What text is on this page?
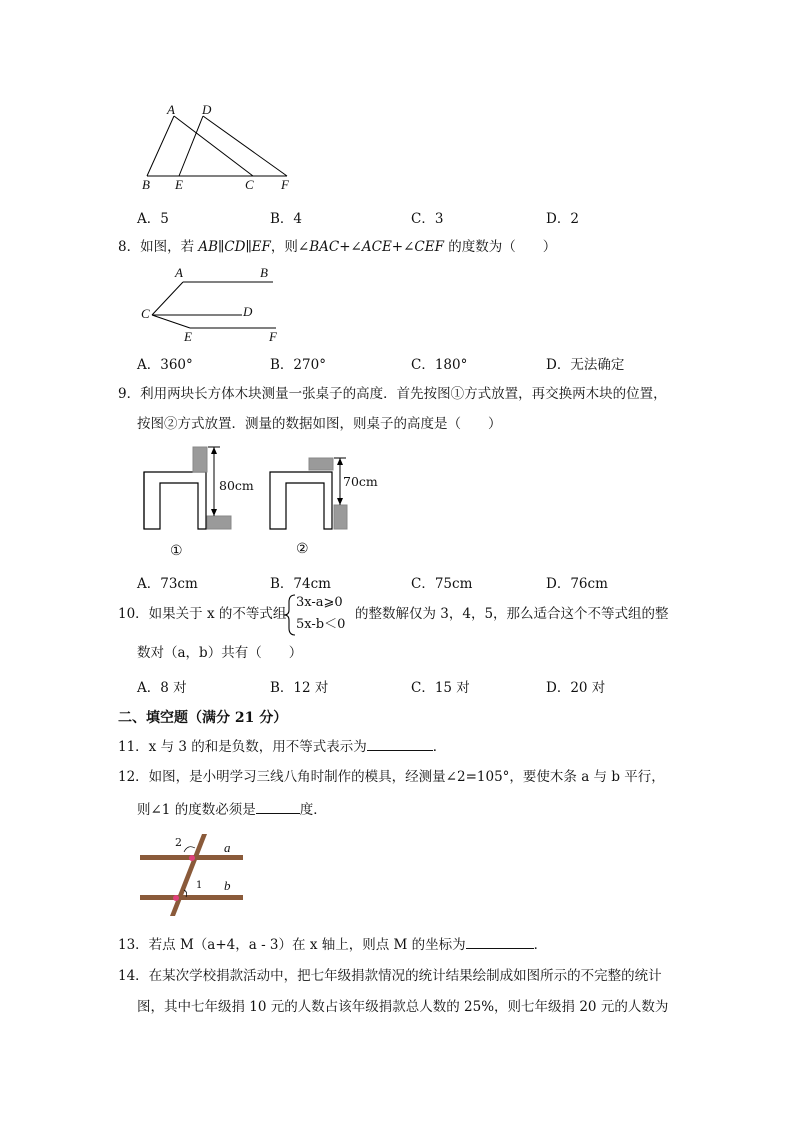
A D
B E	C F
A．5	B．4	C．3	D．2
8．如图，若 AB∥CD∥EF，则∠BAC+∠ACE+∠CEF 的度数为（　　）
A	B
C	D
E	F
A．360°	B．270°	C．180°	D．无法确定
9．利用两块长方体木块测量一张桌子的高度．首先按图①方式放置，再交换两木块的位置，
按图②方式放置．测量的数据如图，则桌子的高度是（　　）
80cm
①
70cm
②
A．73cm	B．74cm	C．75cm	D．76cm
10．如果关于 x 的不等式组
3x-a⩾0
5x-b＜0
的整数解仅为 3，4，5，那么适合这个不等式组的整
数对（a，b）共有（　　）
A．8 对	B．12 对	C．15 对	D．20 对
二、填空题（满分 21 分）
11．x 与 3 的和是负数，用不等式表示为	．
12．如图，是小明学习三线八角时制作的模具，经测量∠2=105°，要使木条 a 与 b 平行，
则∠1 的度数必须是	度．
2
1
a
b
13．若点 M（a+4，a - 3）在 x 轴上，则点 M 的坐标为	．
14．在某次学校捐款活动中，把七年级捐款情况的统计结果绘制成如图所示的不完整的统计
图，其中七年级捐 10 元的人数占该年级捐款总人数的 25%，则七年级捐 20 元的人数为
